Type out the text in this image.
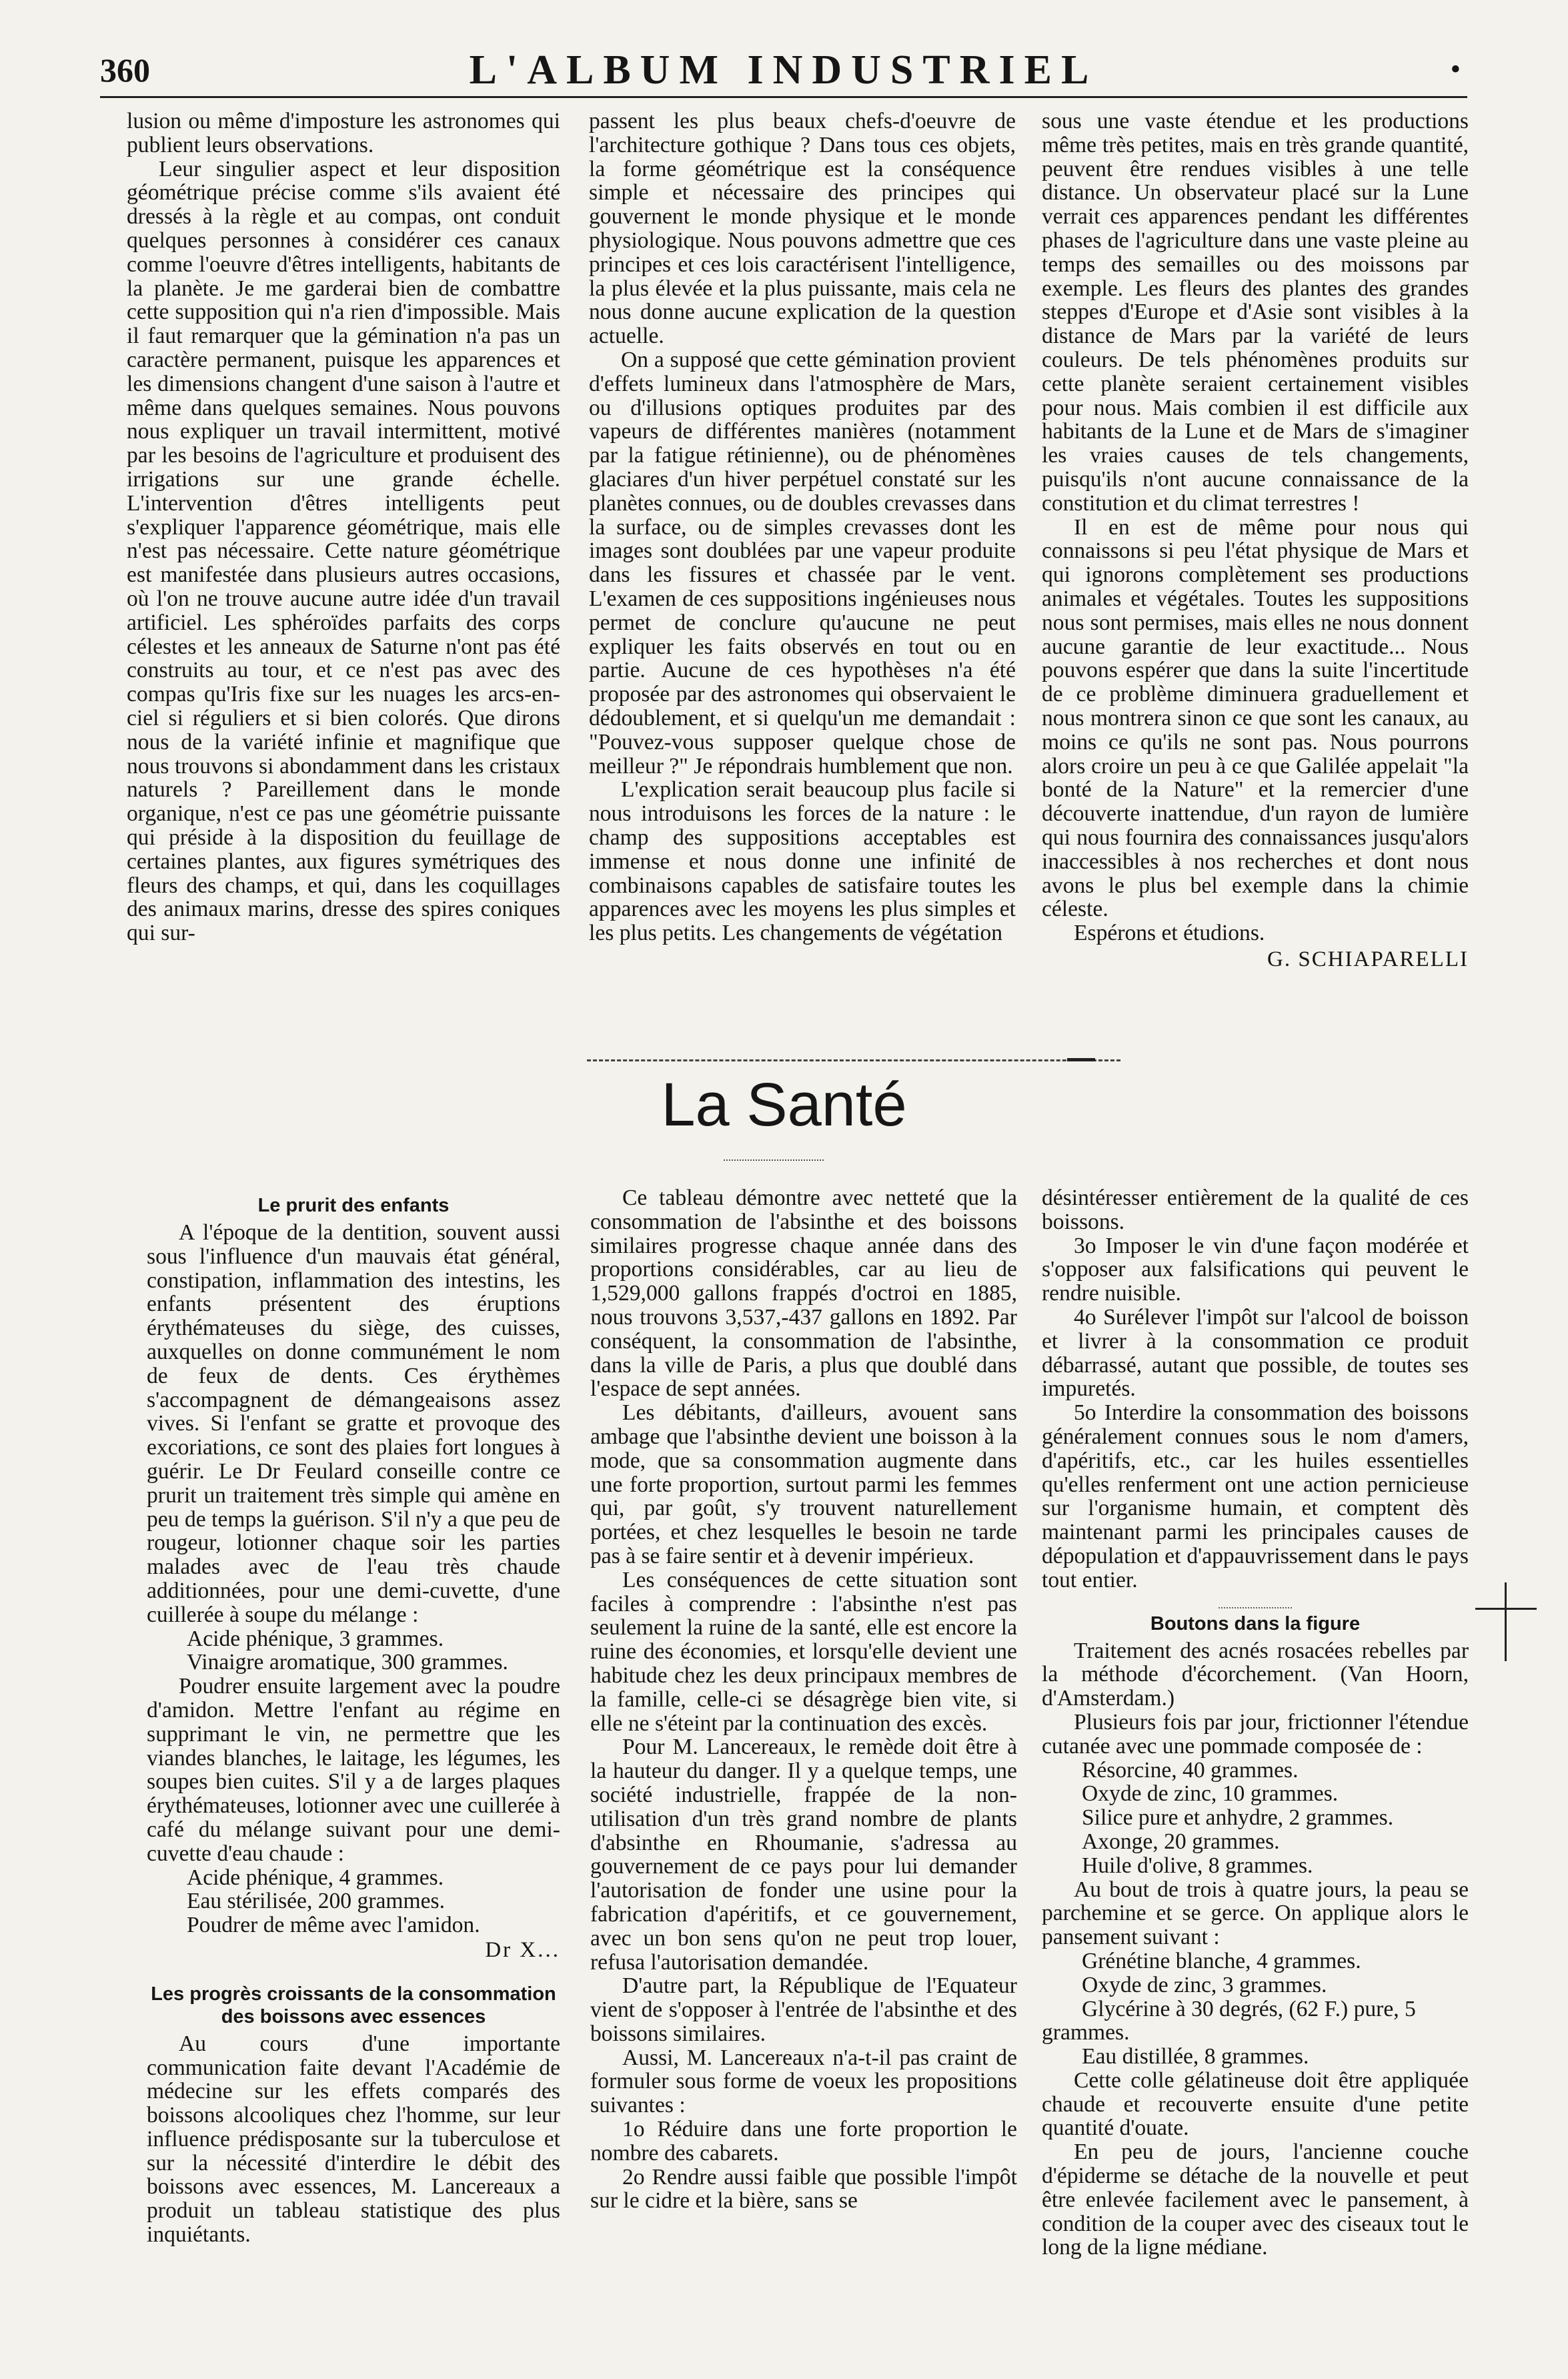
360	L'ALBUM INDUSTRIEL	•

lusion ou même d'imposture les astronomes qui publient leurs observations.

Leur singulier aspect et leur disposition géométrique précise comme s'ils avaient été dressés à la règle et au compas, ont conduit quelques personnes à considérer ces canaux comme l'oeuvre d'êtres intelligents, habitants de la planète. Je me garderai bien de combattre cette supposition qui n'a rien d'impossible. Mais il faut remarquer que la gémination n'a pas un caractère permanent, puisque les apparences et les dimensions changent d'une saison à l'autre et même dans quelques semaines. Nous pouvons nous expliquer un travail intermittent, motivé par les besoins de l'agriculture et produisent des irrigations sur une grande échelle. L'intervention d'êtres intelligents peut s'expliquer l'apparence géométrique, mais elle n'est pas nécessaire. Cette nature géométrique est manifestée dans plusieurs autres occasions, où l'on ne trouve aucune autre idée d'un travail artificiel. Les sphéroïdes parfaits des corps célestes et les anneaux de Saturne n'ont pas été construits au tour, et ce n'est pas avec des compas qu'Iris fixe sur les nuages les arcs-en-ciel si réguliers et si bien colorés. Que dirons nous de la variété infinie et magnifique que nous trouvons si abondamment dans les cristaux naturels ? Pareillement dans le monde organique, n'est ce pas une géométrie puissante qui préside à la disposition du feuillage de certaines plantes, aux figures symétriques des fleurs des champs, et qui, dans les coquillages des animaux marins, dresse des spires coniques qui sur-

passent les plus beaux chefs-d'oeuvre de l'architecture gothique ? Dans tous ces objets, la forme géométrique est la conséquence simple et nécessaire des principes qui gouvernent le monde physique et le monde physiologique. Nous pouvons admettre que ces principes et ces lois caractérisent l'intelligence, la plus élevée et la plus puissante, mais cela ne nous donne aucune explication de la question actuelle.

On a supposé que cette gémination provient d'effets lumineux dans l'atmosphère de Mars, ou d'illusions optiques produites par des vapeurs de différentes manières (notamment par la fatigue rétinienne), ou de phénomènes glaciares d'un hiver perpétuel constaté sur les planètes connues, ou de doubles crevasses dans la surface, ou de simples crevasses dont les images sont doublées par une vapeur produite dans les fissures et chassée par le vent. L'examen de ces suppositions ingénieuses nous permet de conclure qu'aucune ne peut expliquer les faits observés en tout ou en partie. Aucune de ces hypothèses n'a été proposée par des astronomes qui observaient le dédoublement, et si quelqu'un me demandait : "Pouvez-vous supposer quelque chose de meilleur ?" Je répondrais humblement que non.

L'explication serait beaucoup plus facile si nous introduisons les forces de la nature : le champ des suppositions acceptables est immense et nous donne une infinité de combinaisons capables de satisfaire toutes les apparences avec les moyens les plus simples et les plus petits. Les changements de végétation

sous une vaste étendue et les productions même très petites, mais en très grande quantité, peuvent être rendues visibles à une telle distance. Un observateur placé sur la Lune verrait ces apparences pendant les différentes phases de l'agriculture dans une vaste pleine au temps des semailles ou des moissons par exemple. Les fleurs des plantes des grandes steppes d'Europe et d'Asie sont visibles à la distance de Mars par la variété de leurs couleurs. De tels phénomènes produits sur cette planète seraient certainement visibles pour nous. Mais combien il est difficile aux habitants de la Lune et de Mars de s'imaginer les vraies causes de tels changements, puisqu'ils n'ont aucune connaissance de la constitution et du climat terrestres !

Il en est de même pour nous qui connaissons si peu l'état physique de Mars et qui ignorons complètement ses productions animales et végétales. Toutes les suppositions nous sont permises, mais elles ne nous donnent aucune garantie de leur exactitude... Nous pouvons espérer que dans la suite l'incertitude de ce problème diminuera graduellement et nous montrera sinon ce que sont les canaux, au moins ce qu'ils ne sont pas. Nous pourrons alors croire un peu à ce que Galilée appelait "la bonté de la Nature" et la remercier d'une découverte inattendue, d'un rayon de lumière qui nous fournira des connaissances jusqu'alors inaccessibles à nos recherches et dont nous avons le plus bel exemple dans la chimie céleste.

Espérons et étudions.

G. SCHIAPARELLI
La Santé
Le prurit des enfants

A l'époque de la dentition, souvent aussi sous l'influence d'un mauvais état général, constipation, inflammation des intestins, les enfants présentent des éruptions érythémateuses du siège, des cuisses, auxquelles on donne communément le nom de feux de dents. Ces érythèmes s'accompagnent de démangeaisons assez vives. Si l'enfant se gratte et provoque des excoriations, ce sont des plaies fort longues à guérir. Le Dr Feulard conseille contre ce prurit un traitement très simple qui amène en peu de temps la guérison. S'il n'y a que peu de rougeur, lotionner chaque soir les parties malades avec de l'eau très chaude additionnées, pour une demi-cuvette, d'une cuillerée à soupe du mélange :

Acide phénique, 3 grammes.

Vinaigre aromatique, 300 grammes.

Poudrer ensuite largement avec la poudre d'amidon. Mettre l'enfant au régime en supprimant le vin, ne permettre que les viandes blanches, le laitage, les légumes, les soupes bien cuites. S'il y a de larges plaques érythémateuses, lotionner avec une cuillerée à café du mélange suivant pour une demi-cuvette d'eau chaude :

Acide phénique, 4 grammes.

Eau stérilisée, 200 grammes.

Poudrer de même avec l'amidon.

Dr X...
Les progrès croissants de la consommation des boissons avec essences

Au cours d'une importante communication faite devant l'Académie de médecine sur les effets comparés des boissons alcooliques chez l'homme, sur leur influence prédisposante sur la tuberculose et sur la nécessité d'interdire le débit des boissons avec essences, M. Lancereaux a produit un tableau statistique des plus inquiétants.

Ce tableau démontre avec netteté que la consommation de l'absinthe et des boissons similaires progresse chaque année dans des proportions considérables, car au lieu de 1,529,000 gallons frappés d'octroi en 1885, nous trouvons 3,537,-437 gallons en 1892. Par conséquent, la consommation de l'absinthe, dans la ville de Paris, a plus que doublé dans l'espace de sept années.

Les débitants, d'ailleurs, avouent sans ambage que l'absinthe devient une boisson à la mode, que sa consommation augmente dans une forte proportion, surtout parmi les femmes qui, par goût, s'y trouvent naturellement portées, et chez lesquelles le besoin ne tarde pas à se faire sentir et à devenir impérieux.

Les conséquences de cette situation sont faciles à comprendre : l'absinthe n'est pas seulement la ruine de la santé, elle est encore la ruine des économies, et lorsqu'elle devient une habitude chez les deux principaux membres de la famille, celle-ci se désagrège bien vite, si elle ne s'éteint par la continuation des excès.

Pour M. Lancereaux, le remède doit être à la hauteur du danger. Il y a quelque temps, une société industrielle, frappée de la non-utilisation d'un très grand nombre de plants d'absinthe en Rhoumanie, s'adressa au gouvernement de ce pays pour lui demander l'autorisation de fonder une usine pour la fabrication d'apéritifs, et ce gouvernement, avec un bon sens qu'on ne peut trop louer, refusa l'autorisation demandée.

D'autre part, la République de l'Equateur vient de s'opposer à l'entrée de l'absinthe et des boissons similaires.

Aussi, M. Lancereaux n'a-t-il pas craint de formuler sous forme de voeux les propositions suivantes :

1o Réduire dans une forte proportion le nombre des cabarets.

2o Rendre aussi faible que possible l'impôt sur le cidre et la bière, sans se

désintéresser entièrement de la qualité de ces boissons.

3o Imposer le vin d'une façon modérée et s'opposer aux falsifications qui peuvent le rendre nuisible.

4o Surélever l'impôt sur l'alcool de boisson et livrer à la consommation ce produit débarrassé, autant que possible, de toutes ses impuretés.

5o Interdire la consommation des boissons généralement connues sous le nom d'amers, d'apéritifs, etc., car les huiles essentielles qu'elles renferment ont une action pernicieuse sur l'organisme humain, et comptent dès maintenant parmi les principales causes de dépopulation et d'appauvrissement dans le pays tout entier.

Boutons dans la figure

Traitement des acnés rosacées rebelles par la méthode d'écorchement. (Van Hoorn, d'Amsterdam.)

Plusieurs fois par jour, frictionner l'étendue cutanée avec une pommade composée de :

Résorcine, 40 grammes.

Oxyde de zinc, 10 grammes.

Silice pure et anhydre, 2 grammes.

Axonge, 20 grammes.

Huile d'olive, 8 grammes.

Au bout de trois à quatre jours, la peau se parchemine et se gerce. On applique alors le pansement suivant :

Grénétine blanche, 4 grammes.

Oxyde de zinc, 3 grammes.

Glycérine à 30 degrés, (62 F.) pure, 5 grammes.

Eau distillée, 8 grammes.

Cette colle gélatineuse doit être appliquée chaude et recouverte ensuite d'une petite quantité d'ouate.

En peu de jours, l'ancienne couche d'épiderme se détache de la nouvelle et peut être enlevée facilement avec le pansement, à condition de la couper avec des ciseaux tout le long de la ligne médiane.
